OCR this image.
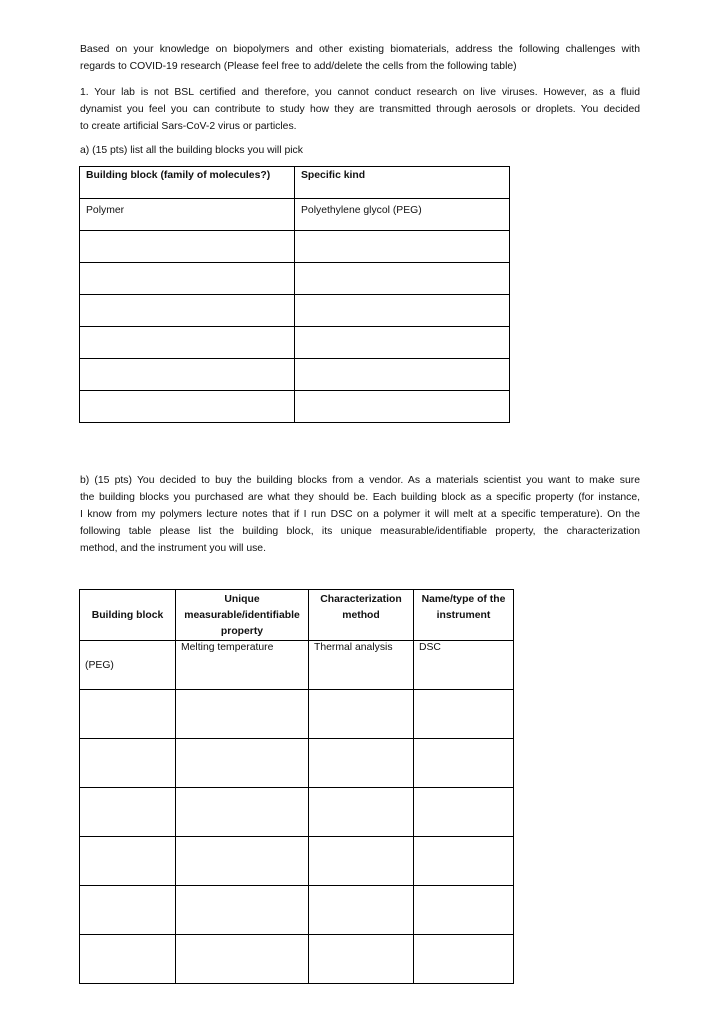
Based on your knowledge on biopolymers and other existing biomaterials, address the following challenges with
regards to COVID-19 research (Please feel free to add/delete the cells from the following table)

1. Your lab is not BSL certified and therefore, you cannot conduct research on live viruses. However, as a fluid
dynamist you feel you can contribute to study how they are transmitted through aerosols or droplets. You decided
to create artificial Sars-CoV-2 virus or particles.

a) (15 pts) list all the building blocks you will pick

Building block (family of molecules?)	Specific kind
Polymer	Polyethylene glycol (PEG)

b) (15 pts) You decided to buy the building blocks from a vendor. As a materials scientist you want to make sure
the building blocks you purchased are what they should be. Each building block as a specific property (for instance,
I know from my polymers lecture notes that if I run DSC on a polymer it will melt at a specific temperature). On the
following table please list the building block, its unique measurable/identifiable property, the characterization
method, and the instrument you will use.

Building block	Unique measurable/identifiable property	Characterization method	Name/type of the instrument
(PEG)	Melting temperature	Thermal analysis	DSC
